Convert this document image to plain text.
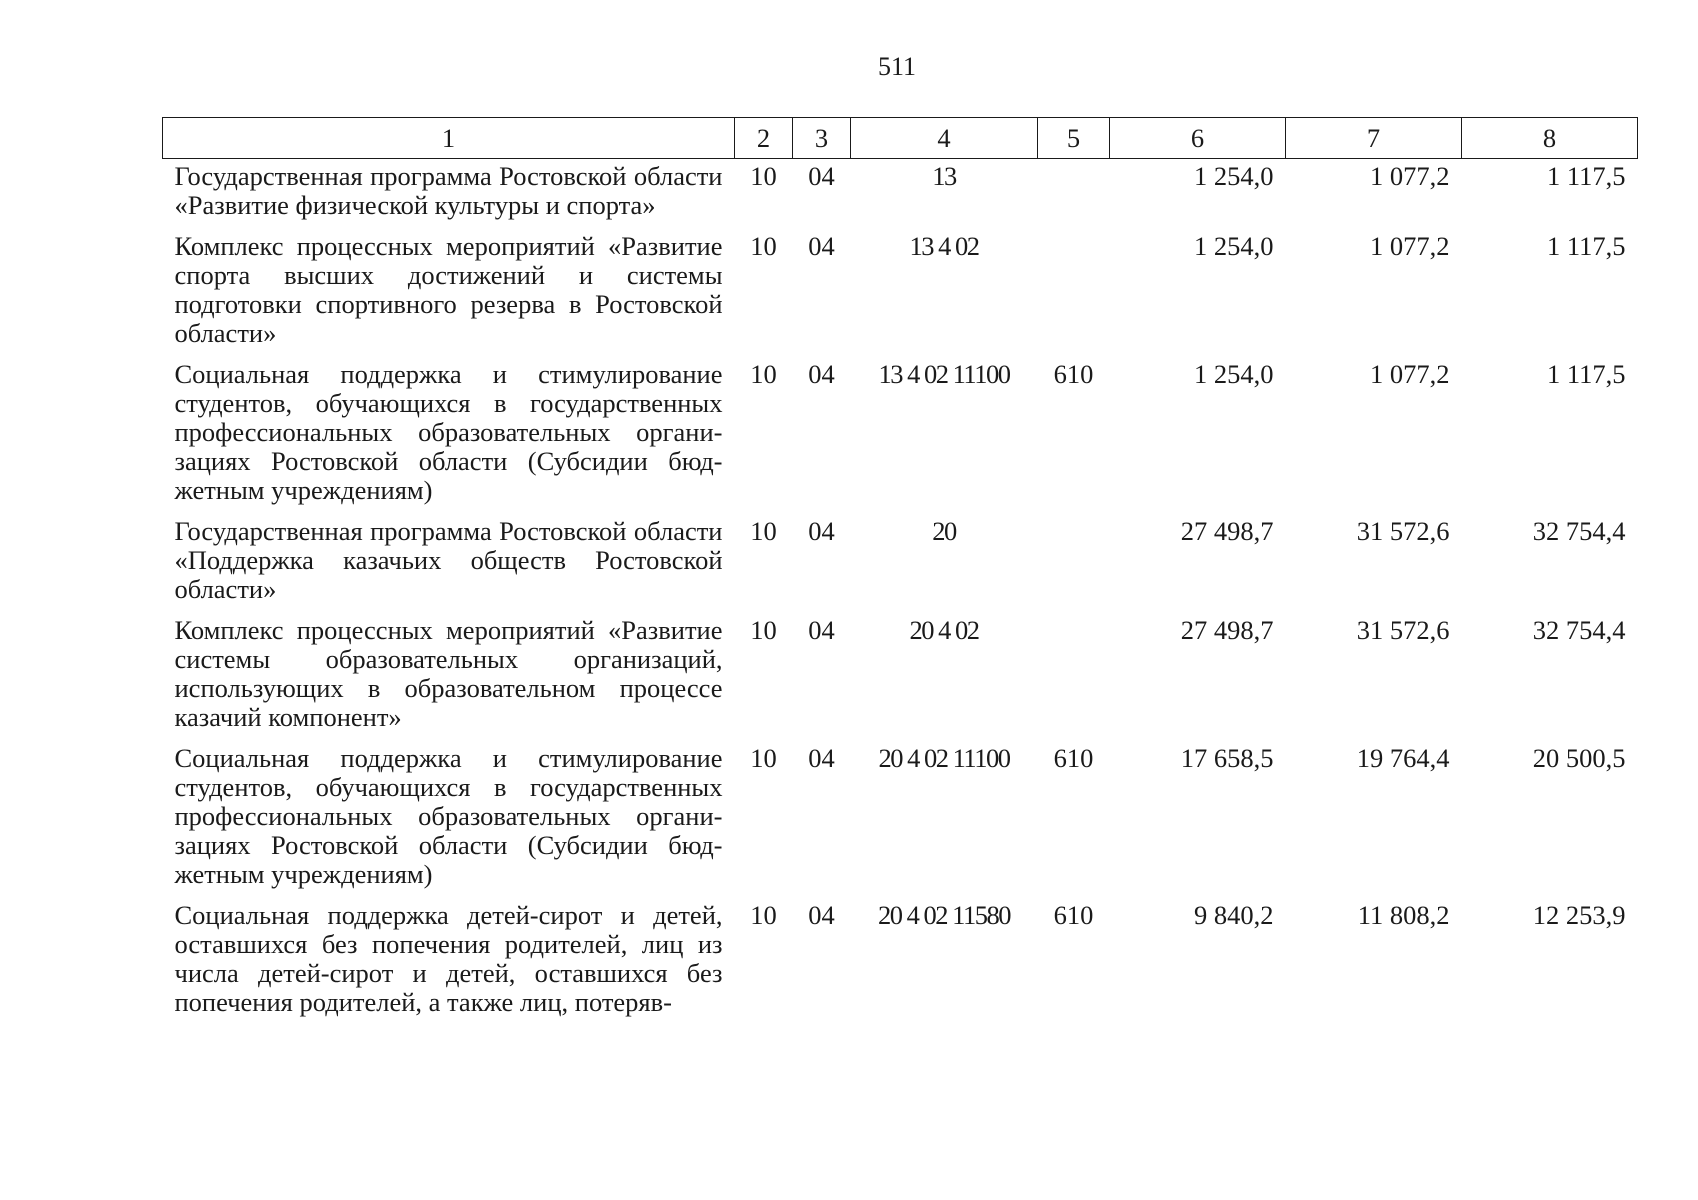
511
1	2	3	4	5	6	7	8
Государственная программа Ростовской области «Развитие физической культуры и спорта»	10	04	13		1 254,0	1 077,2	1 117,5
Комплекс процессных мероприятий «Развитие спорта высших достижений и системы подготовки спортивного резерва в Ростовской области»	10	04	13 4 02		1 254,0	1 077,2	1 117,5
Социальная поддержка и стимулирование студентов, обучающихся в государственных профессиональных образовательных организациях Ростовской области (Субсидии бюджетным учреждениям)	10	04	13 4 02 11100	610	1 254,0	1 077,2	1 117,5
Государственная программа Ростовской области «Поддержка казачьих обществ Ростовской области»	10	04	20		27 498,7	31 572,6	32 754,4
Комплекс процессных мероприятий «Развитие системы образовательных организаций, использующих в образовательном процессе казачий компонент»	10	04	20 4 02		27 498,7	31 572,6	32 754,4
Социальная поддержка и стимулирование студентов, обучающихся в государственных профессиональных образовательных организациях Ростовской области (Субсидии бюджетным учреждениям)	10	04	20 4 02 11100	610	17 658,5	19 764,4	20 500,5
Социальная поддержка детей-сирот и детей, оставшихся без попечения родителей, лиц из числа детей-сирот и детей, оставшихся без попечения родителей, а также лиц, потеряв-	10	04	20 4 02 11580	610	9 840,2	11 808,2	12 253,9
